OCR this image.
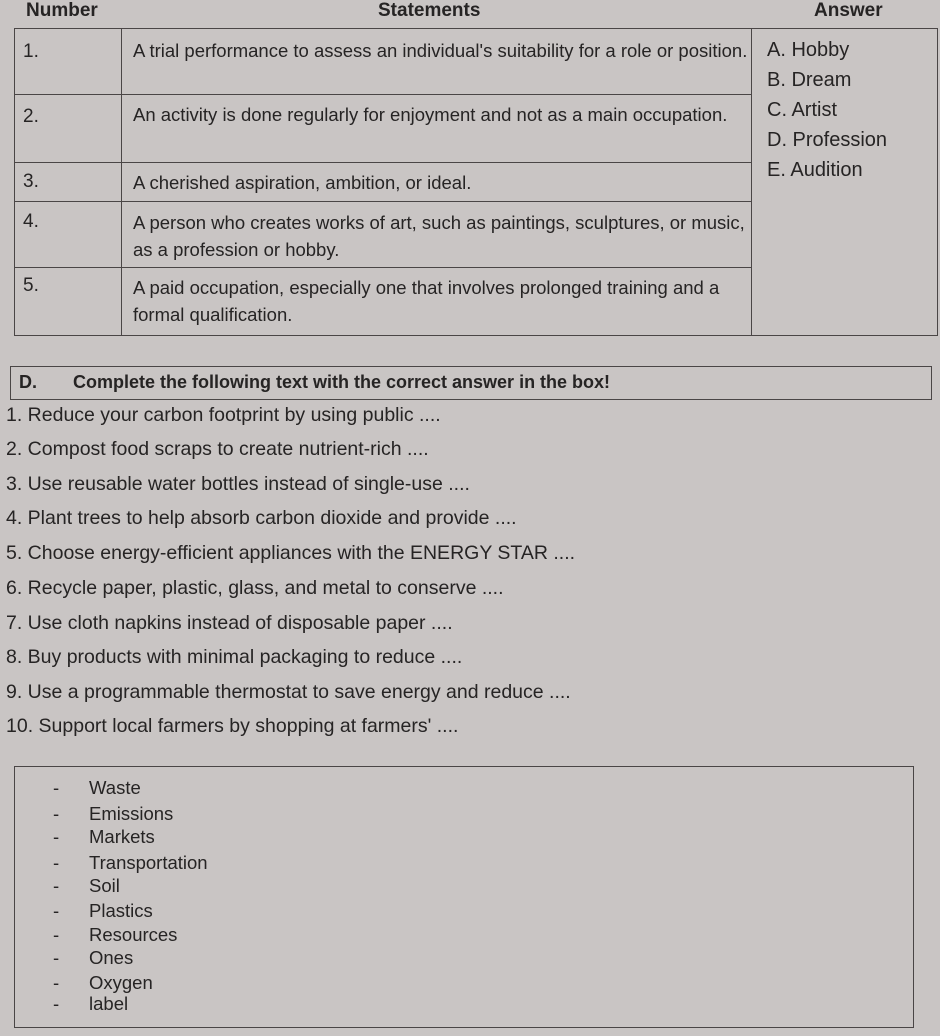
Number	Statements	Answer
1.	A trial performance to assess an individual's suitability for a role or position.
2.	An activity is done regularly for enjoyment and not as a main occupation.
3.	A cherished aspiration, ambition, or ideal.
4.	A person who creates works of art, such as paintings, sculptures, or music, as a profession or hobby.
5.	A paid occupation, especially one that involves prolonged training and a formal qualification.
A. Hobby
B. Dream
C. Artist
D. Profession
E. Audition
D. Complete the following text with the correct answer in the box!
1. Reduce your carbon footprint by using public ....
2. Compost food scraps to create nutrient-rich ....
3. Use reusable water bottles instead of single-use ....
4. Plant trees to help absorb carbon dioxide and provide ....
5. Choose energy-efficient appliances with the ENERGY STAR ....
6. Recycle paper, plastic, glass, and metal to conserve ....
7. Use cloth napkins instead of disposable paper ....
8. Buy products with minimal packaging to reduce ....
9. Use a programmable thermostat to save energy and reduce ....
10. Support local farmers by shopping at farmers' ....
- Waste
- Emissions
- Markets
- Transportation
- Soil
- Plastics
- Resources
- Ones
- Oxygen
- label
